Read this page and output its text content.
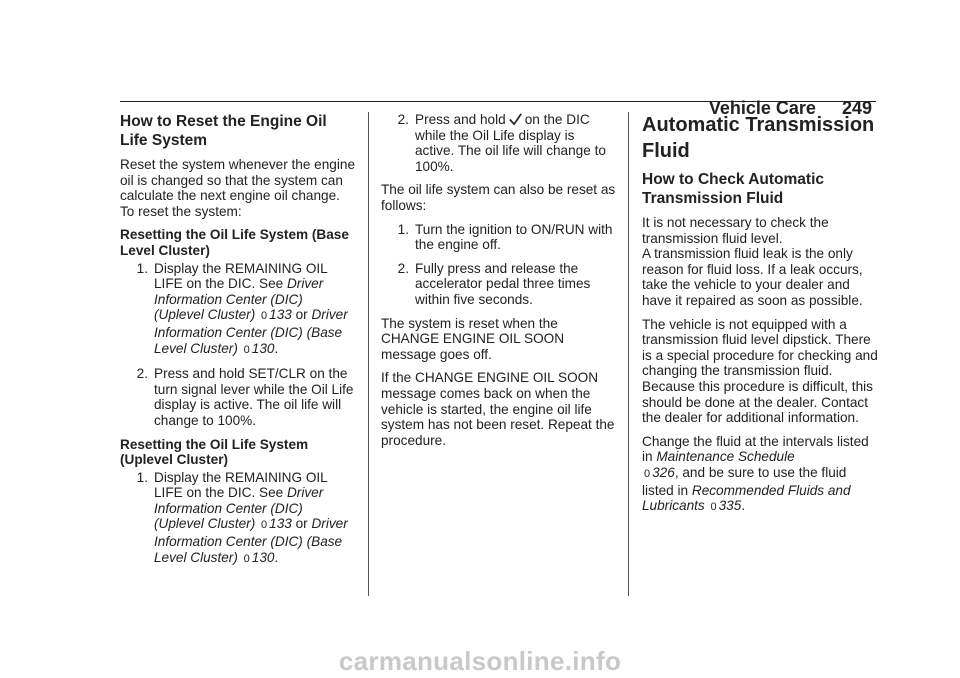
Vehicle Care 249
How to Reset the Engine Oil Life System

Reset the system whenever the engine oil is changed so that the system can calculate the next engine oil change. To reset the system:

Resetting the Oil Life System (Base Level Cluster)
1. Display the REMAINING OIL LIFE on the DIC. See Driver Information Center (DIC) (Uplevel Cluster) 0 133 or Driver Information Center (DIC) (Base Level Cluster) 0 130.
2. Press and hold SET/CLR on the turn signal lever while the Oil Life display is active. The oil life will change to 100%.
Resetting the Oil Life System (Uplevel Cluster)
1. Display the REMAINING OIL LIFE on the DIC. See Driver Information Center (DIC) (Uplevel Cluster) 0 133 or Driver Information Center (DIC) (Base Level Cluster) 0 130.
2. Press and hold on the DIC while the Oil Life display is active. The oil life will change to 100%.

The oil life system can also be reset as follows:

1. Turn the ignition to ON/RUN with the engine off.
2. Fully press and release the accelerator pedal three times within five seconds.

The system is reset when the CHANGE ENGINE OIL SOON message goes off.

If the CHANGE ENGINE OIL SOON message comes back on when the vehicle is started, the engine oil life system has not been reset. Repeat the procedure.

Automatic Transmission Fluid
How to Check Automatic Transmission Fluid

It is not necessary to check the transmission fluid level.
A transmission fluid leak is the only reason for fluid loss. If a leak occurs, take the vehicle to your dealer and have it repaired as soon as possible.

The vehicle is not equipped with a transmission fluid level dipstick. There is a special procedure for checking and changing the transmission fluid. Because this procedure is difficult, this should be done at the dealer. Contact the dealer for additional information.

Change the fluid at the intervals listed in Maintenance Schedule
0 326, and be sure to use the fluid listed in Recommended Fluids and Lubricants 0 335.

carmanualsonline.info
